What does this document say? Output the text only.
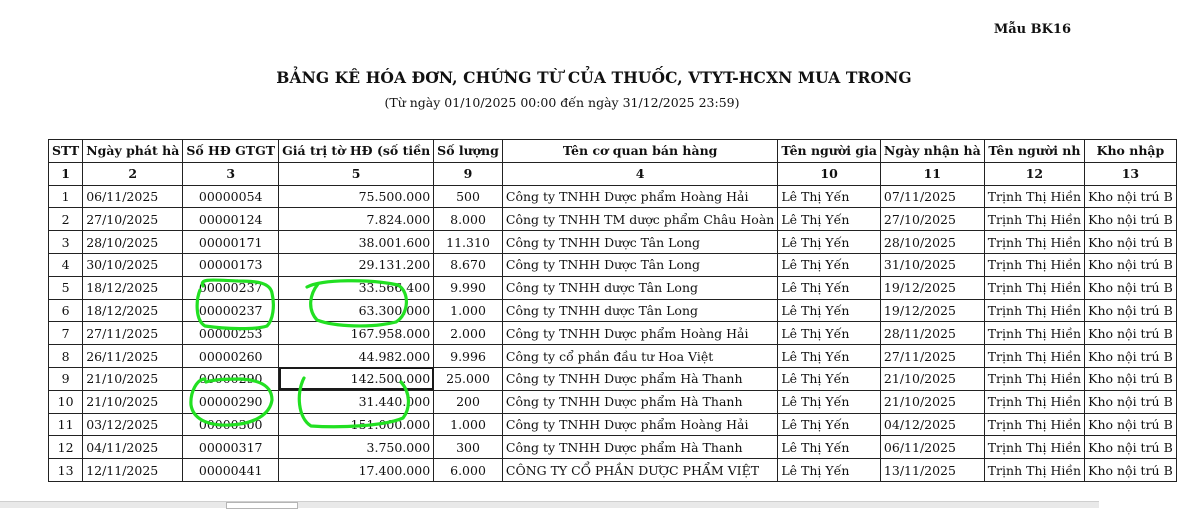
Mẫu BK16
BẢNG KÊ HÓA ĐƠN, CHỨNG TỪ CỦA THUỐC, VTYT-HCXN MUA TRONG
(Từ ngày 01/10/2025 00:00 đến ngày 31/12/2025 23:59)
STT	Ngày phát hà	Số HĐ GTGT	Giá trị tờ HĐ (số tiền	Số lượng	Tên cơ quan bán hàng	Tên người gia	Ngày nhận hà	Tên người nh	Kho nhập
1	2	3	5	9	4	10	11	12	13
1	06/11/2025	00000054	75.500.000	500	Công ty TNHH Dược phẩm Hoàng Hải	Lê Thị Yến	07/11/2025	Trịnh Thị Hiền	Kho nội trú B
2	27/10/2025	00000124	7.824.000	8.000	Công ty TNHH TM dược phẩm Châu Hoàn	Lê Thị Yến	27/10/2025	Trịnh Thị Hiền	Kho nội trú B
3	28/10/2025	00000171	38.001.600	11.310	Công ty TNHH Dược Tân Long	Lê Thị Yến	28/10/2025	Trịnh Thị Hiền	Kho nội trú B
4	30/10/2025	00000173	29.131.200	8.670	Công ty TNHH Dược Tân Long	Lê Thị Yến	31/10/2025	Trịnh Thị Hiền	Kho nội trú B
5	18/12/2025	00000237	33.566.400	9.990	Công ty TNHH dược Tân Long	Lê Thị Yến	19/12/2025	Trịnh Thị Hiền	Kho nội trú B
6	18/12/2025	00000237	63.300.000	1.000	Công ty TNHH dược Tân Long	Lê Thị Yến	19/12/2025	Trịnh Thị Hiền	Kho nội trú B
7	27/11/2025	00000253	167.958.000	2.000	Công ty TNHH Dược phẩm Hoàng Hải	Lê Thị Yến	28/11/2025	Trịnh Thị Hiền	Kho nội trú B
8	26/11/2025	00000260	44.982.000	9.996	Công ty cổ phần đầu tư Hoa Việt	Lê Thị Yến	27/11/2025	Trịnh Thị Hiền	Kho nội trú B
9	21/10/2025	00000290	142.500.000	25.000	Công ty TNHH Dược phẩm Hà Thanh	Lê Thị Yến	21/10/2025	Trịnh Thị Hiền	Kho nội trú B
10	21/10/2025	00000290	31.440.000	200	Công ty TNHH Dược phẩm Hà Thanh	Lê Thị Yến	21/10/2025	Trịnh Thị Hiền	Kho nội trú B
11	03/12/2025	00000300	151.000.000	1.000	Công ty TNHH Dược phẩm Hoàng Hải	Lê Thị Yến	04/12/2025	Trịnh Thị Hiền	Kho nội trú B
12	04/11/2025	00000317	3.750.000	300	Công ty TNHH Dược phẩm Hà Thanh	Lê Thị Yến	06/11/2025	Trịnh Thị Hiền	Kho nội trú B
13	12/11/2025	00000441	17.400.000	6.000	CÔNG TY CỔ PHẦN DƯỢC PHẨM VIỆT	Lê Thị Yến	13/11/2025	Trịnh Thị Hiền	Kho nội trú B
